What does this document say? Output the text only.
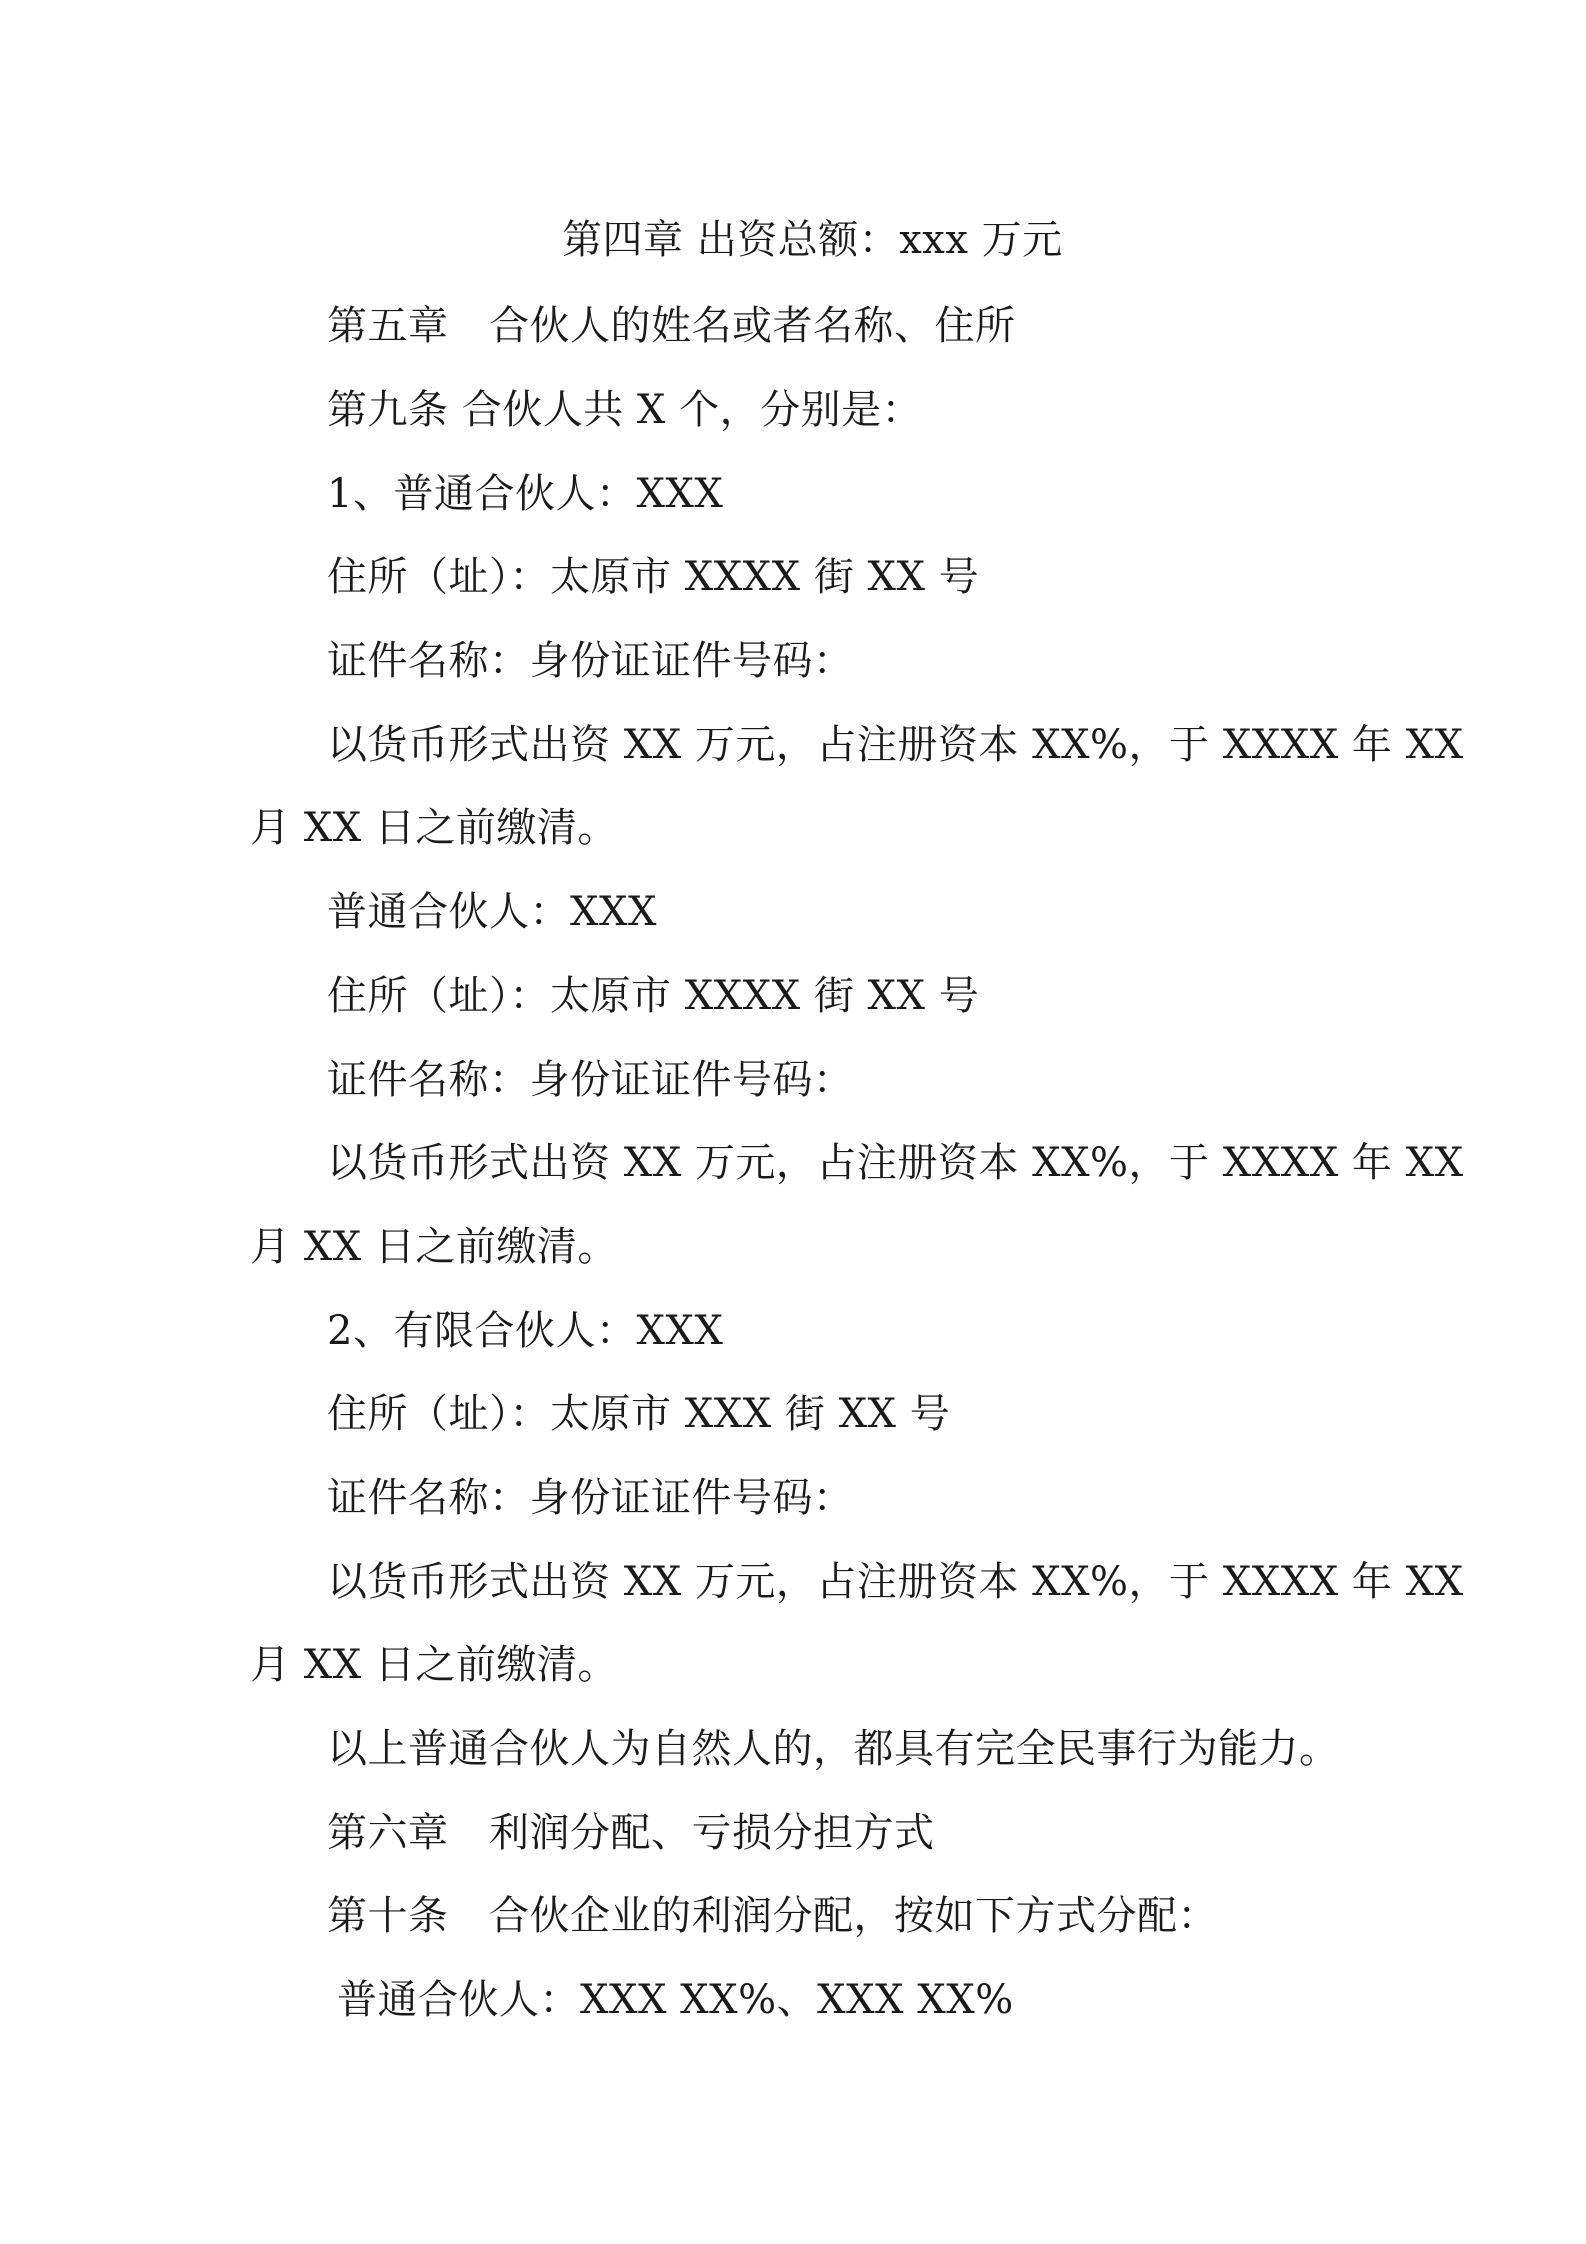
第四章 出资总额：xxx 万元
第五章　合伙人的姓名或者名称、住所
第九条 合伙人共 X 个，分别是：
1、普通合伙人：XXX
住所（址）：太原市 XXXX 街 XX 号
证件名称：身份证证件号码：
以货币形式出资 XX 万元，占注册资本 XX%，于 XXXX 年 XX
月 XX 日之前缴清。
普通合伙人：XXX
住所（址）：太原市 XXXX 街 XX 号
证件名称：身份证证件号码：
以货币形式出资 XX 万元，占注册资本 XX%，于 XXXX 年 XX
月 XX 日之前缴清。
2、有限合伙人：XXX
住所（址）：太原市 XXX 街 XX 号
证件名称：身份证证件号码：
以货币形式出资 XX 万元，占注册资本 XX%，于 XXXX 年 XX
月 XX 日之前缴清。
以上普通合伙人为自然人的，都具有完全民事行为能力。
第六章　利润分配、亏损分担方式
第十条　合伙企业的利润分配，按如下方式分配：
普通合伙人：XXX XX%、XXX XX%
